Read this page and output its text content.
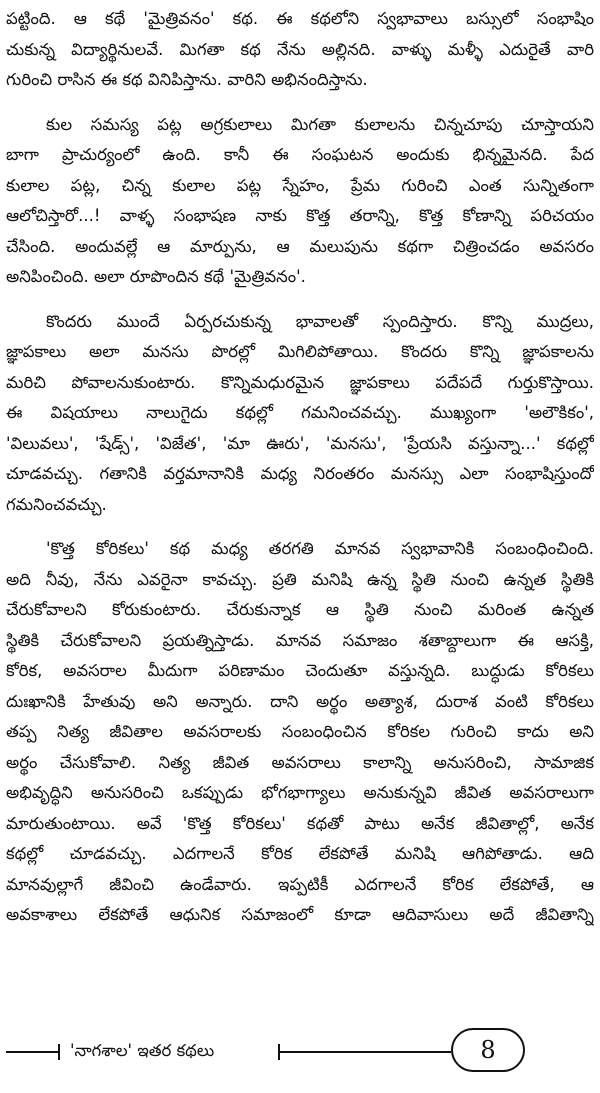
పట్టింది. ఆ కథే 'మైత్రివనం' కథ. ఈ కథలోని స్వభావాలు బస్సులో సంభాషిం
చుకున్న విద్యార్థినులవే. మిగతా కథ నేను అల్లినది. వాళ్ళు మళ్ళీ ఎదురైతే వారి
గురించి రాసిన ఈ కథ వినిపిస్తాను. వారిని అభినందిస్తాను.
కుల సమస్య పట్ల అగ్రకులాలు మిగతా కులాలను చిన్నచూపు చూస్తాయని
బాగా ప్రాచుర్యంలో ఉంది. కానీ ఈ సంఘటన అందుకు భిన్నమైనది. పేద
కులాల పట్ల, చిన్న కులాల పట్ల స్నేహం, ప్రేమ గురించి ఎంత సున్నితంగా
ఆలోచిస్తారో...! వాళ్ళ సంభాషణ నాకు కొత్త తరాన్ని, కొత్త కోణాన్ని పరిచయం
చేసింది. అందువల్లే ఆ మార్పును, ఆ మలుపును కథగా చిత్రించడం అవసరం
అనిపించింది. అలా రూపొందిన కథే 'మైత్రివనం'.
కొందరు ముందే ఏర్పరచుకున్న భావాలతో స్పందిస్తారు. కొన్ని ముద్రలు,
జ్ఞాపకాలు అలా మనసు పొరల్లో మిగిలిపోతాయి. కొందరు కొన్ని జ్ఞాపకాలను
మరిచి పోవాలనుకుంటారు. కొన్నిమధురమైన జ్ఞాపకాలు పదేపదే గుర్తుకొస్తాయి.
ఈ విషయాలు నాలుగైదు కథల్లో గమనించవచ్చు. ముఖ్యంగా 'అలౌకికం',
'విలువలు', 'షేడ్స్', 'విజేత', 'మా ఊరు', 'మనసు', 'ప్రేయసి వస్తున్నా...' కథల్లో
చూడవచ్చు. గతానికి వర్తమానానికి మధ్య నిరంతరం మనస్సు ఎలా సంభాషిస్తుందో
గమనించవచ్చు.
'కొత్త కోరికలు' కథ మధ్య తరగతి మానవ స్వభావానికి సంబంధించింది.
అది నీవు, నేను ఎవరైనా కావచ్చు. ప్రతి మనిషి ఉన్న స్థితి నుంచి ఉన్నత స్థితికి
చేరుకోవాలని కోరుకుంటారు. చేరుకున్నాక ఆ స్థితి నుంచి మరింత ఉన్నత
స్థితికి చేరుకోవాలని ప్రయత్నిస్తాడు. మానవ సమాజం శతాబ్దాలుగా ఈ ఆసక్తి,
కోరిక, అవసరాల మీదుగా పరిణామం చెందుతూ వస్తున్నది. బుద్ధుడు కోరికలు
దుఃఖానికి హేతువు అని అన్నారు. దాని అర్థం అత్యాశ, దురాశ వంటి కోరికలు
తప్ప నిత్య జీవితాల అవసరాలకు సంబంధించిన కోరికల గురించి కాదు అని
అర్థం చేసుకోవాలి. నిత్య జీవిత అవసరాలు కాలాన్ని అనుసరించి, సామాజిక
అభివృద్ధిని అనుసరించి ఒకప్పుడు భోగభాగ్యాలు అనుకున్నవి జీవిత అవసరాలుగా
మారుతుంటాయి. అవే 'కొత్త కోరికలు' కథతో పాటు అనేక జీవితాల్లో, అనేక
కథల్లో చూడవచ్చు. ఎదగాలనే కోరిక లేకపోతే మనిషి ఆగిపోతాడు. ఆది
మానవుల్లాగే జీవించి ఉండేవారు. ఇప్పటికీ ఎదగాలనే కోరిక లేకపోతే, ఆ
అవకాశాలు లేకపోతే ఆధునిక సమాజంలో కూడా ఆదివాసులు అదే జీవితాన్ని
'నాగశాల' ఇతర కథలు	8
